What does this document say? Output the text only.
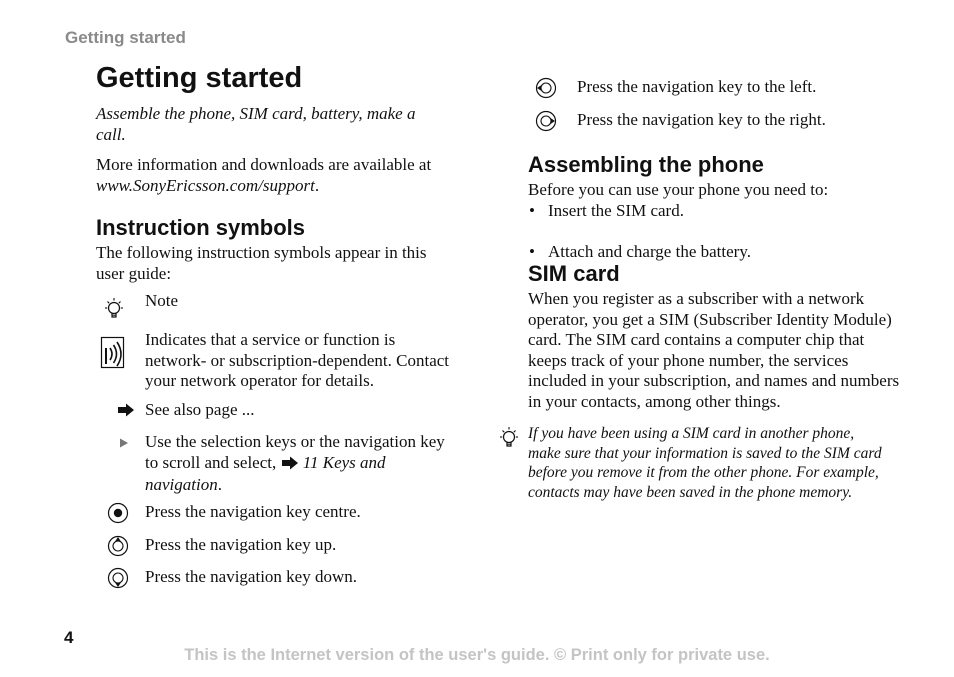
Getting started
Getting started
Assemble the phone, SIM card, battery, make a call.
More information and downloads are available at www.SonyEricsson.com/support.
Instruction symbols
The following instruction symbols appear in this user guide:
Note
Indicates that a service or function is network- or subscription-dependent. Contact your network operator for details.
See also page ...
Use the selection keys or the navigation key to scroll and select, 11 Keys and navigation.
Press the navigation key centre.
Press the navigation key up.
Press the navigation key down.
Press the navigation key to the left.
Press the navigation key to the right.
Assembling the phone
Before you can use your phone you need to:
• Insert the SIM card.
• Attach and charge the battery.
SIM card
When you register as a subscriber with a network operator, you get a SIM (Subscriber Identity Module) card. The SIM card contains a computer chip that keeps track of your phone number, the services included in your subscription, and names and numbers in your contacts, among other things.
If you have been using a SIM card in another phone, make sure that your information is saved to the SIM card before you remove it from the other phone. For example, contacts may have been saved in the phone memory.
4
This is the Internet version of the user's guide. © Print only for private use.
